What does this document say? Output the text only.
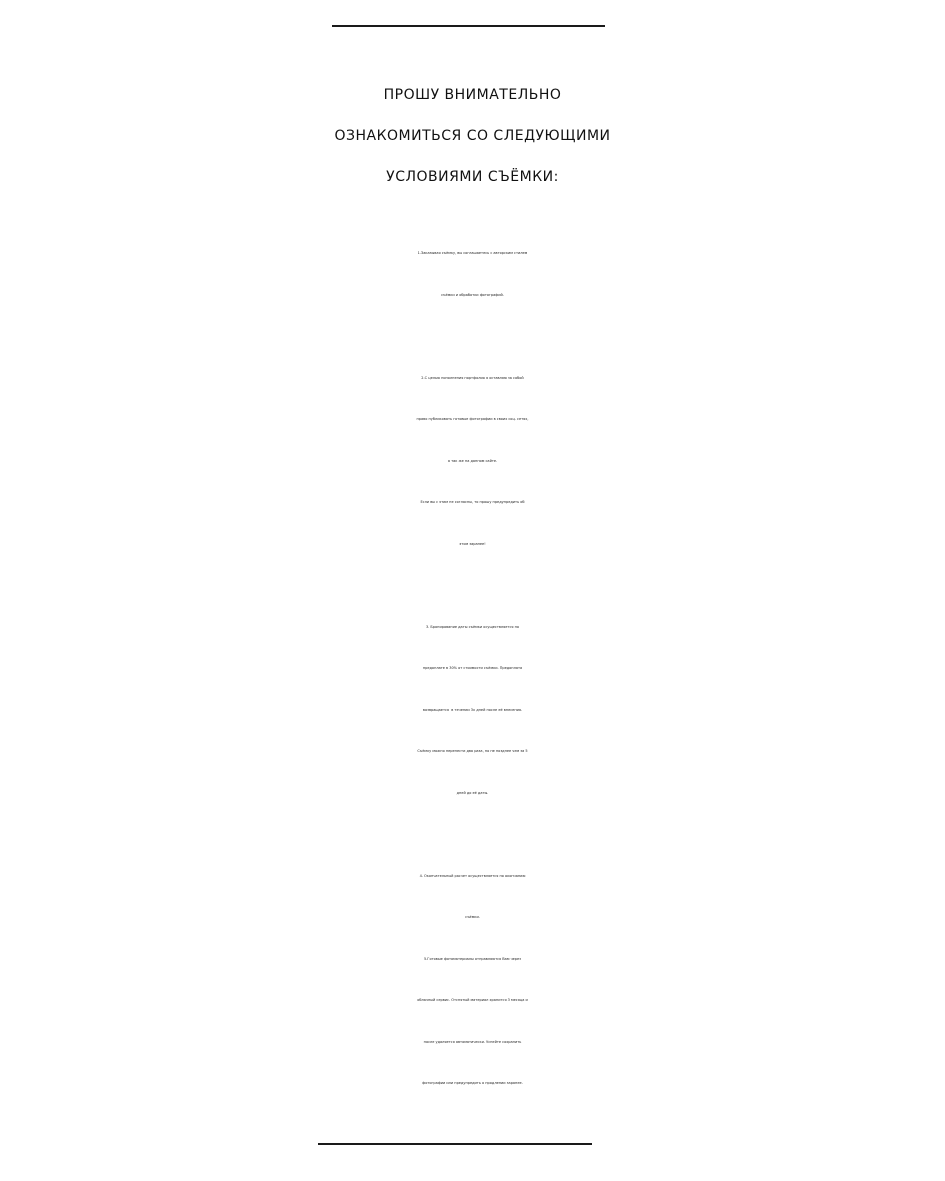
ПРОШУ ВНИМАТЕЛЬНО
ОЗНАКОМИТЬСЯ СО СЛЕДУЮЩИМИ
УСЛОВИЯМИ СЪЁМКИ:
1.Заказывая съёмку, вы соглашаетесь с авторским стилем
съёмки и обработки фотографий.
2.С целью пополнения портфолио я оставляю за собой
право публиковать готовые фотографии в своих соц. сетях,
а так же на данном сайте.
Если вы с этим не согласны, то прошу предупредить об
этом заранее!
3. Бронирование даты съёмки осуществляется по
предоплате в 30% от стоимости съёмки. Предоплата
возвращается  в течении 3х дней после её внесения.
Съёмку можно перенести два раза, но не позднее чем за 5
дней до её даты.
4. Окончательный расчет осуществляется по окончанию
съёмки.
5.Готовые фотоматериалы отправляются Вам через
облачный сервис. Отснятый материал хранится 3 месяца и
после удаляется автоматически. Успейте сохранить
фотографии или предупредить о продлении заранее.
